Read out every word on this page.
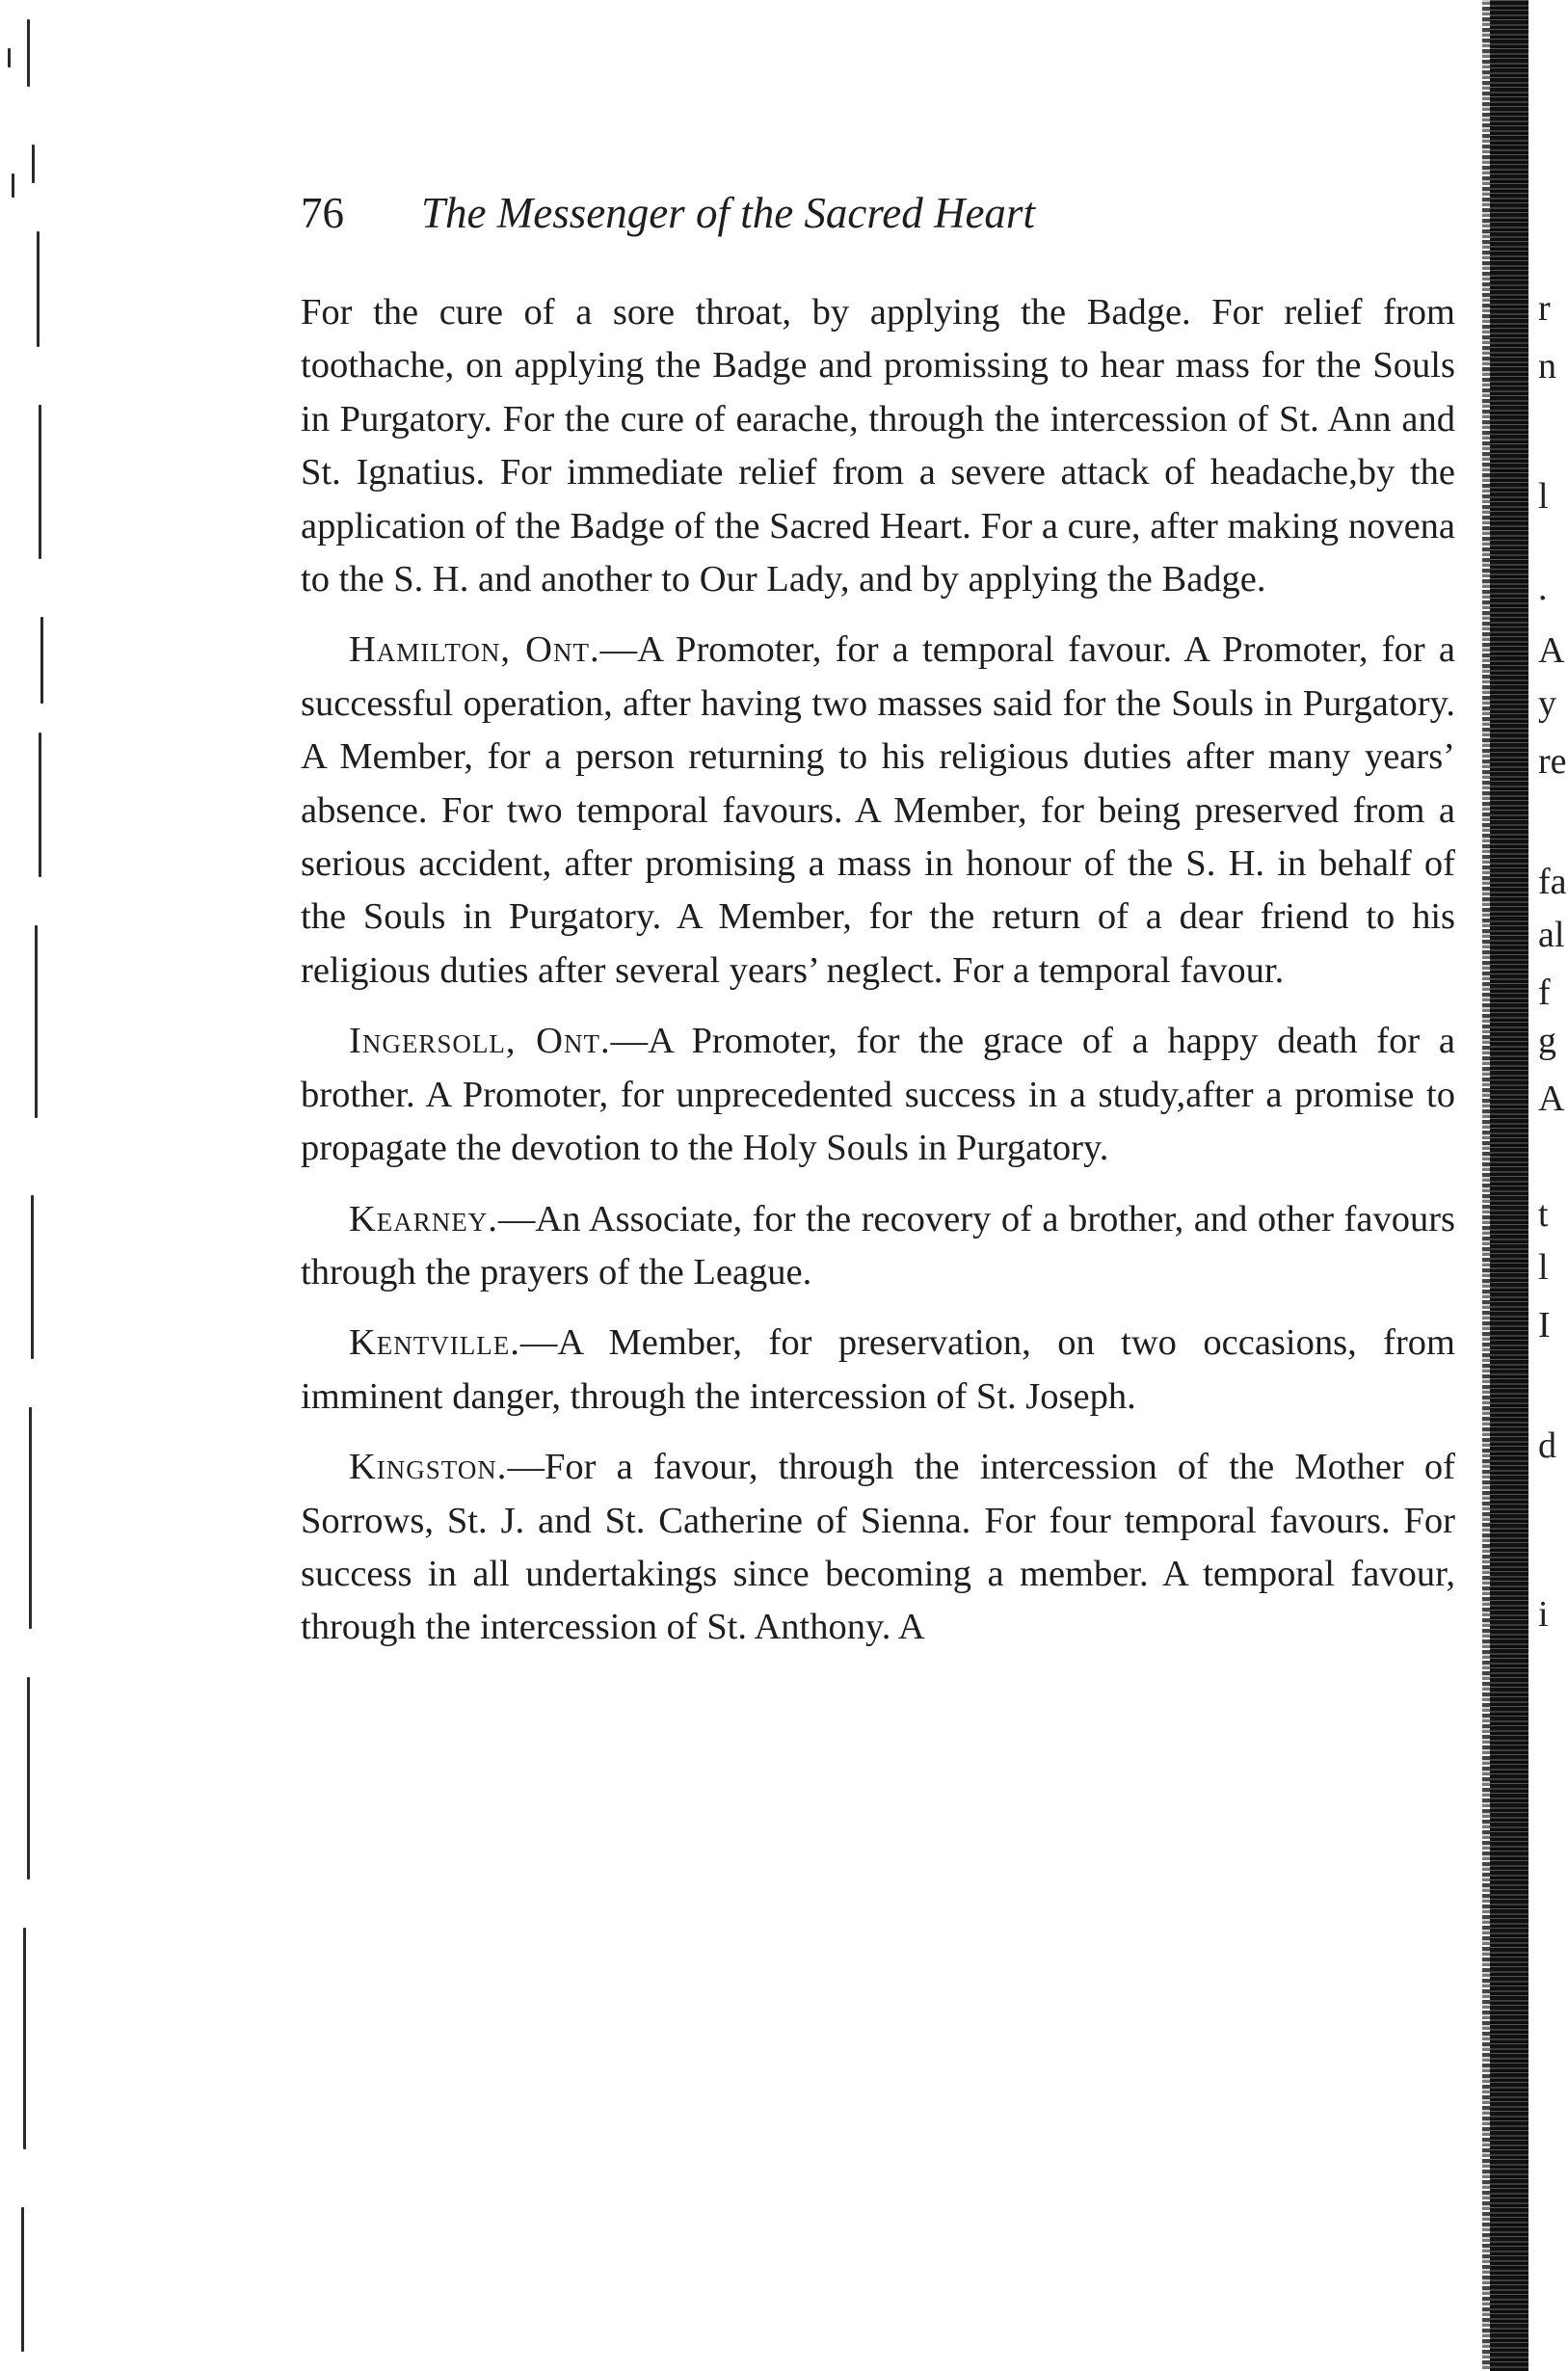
r
n
l
.
A
y
re
fa
al
f
g
A
t
l
I
d
i
76	The Messenger of the Sacred Heart

For the cure of a sore throat, by applying the Badge. For relief from toothache, on applying the Badge and promissing to hear mass for the Souls in Purgatory. For the cure of earache, through the intercession of St. Ann and St. Ignatius. For immediate relief from a severe attack of headache,by the application of the Badge of the Sacred Heart. For a cure, after making novena to the S. H. and another to Our Lady, and by applying the Badge.

Hamilton, Ont.—A Promoter, for a temporal favour. A Promoter, for a successful operation, after having two masses said for the Souls in Purgatory. A Member, for a person returning to his religious duties after many years’ absence. For two temporal favours. A Member, for being preserved from a serious accident, after promising a mass in honour of the S. H. in behalf of the Souls in Purgatory. A Member, for the return of a dear friend to his religious duties after several years’ neglect. For a temporal favour.

Ingersoll, Ont.—A Promoter, for the grace of a happy death for a brother. A Promoter, for unprecedented success in a study,after a promise to propagate the devotion to the Holy Souls in Purgatory.

Kearney.—An Associate, for the recovery of a brother, and other favours through the prayers of the League.

Kentville.—A Member, for preservation, on two occasions, from imminent danger, through the intercession of St. Joseph.

Kingston.—For a favour, through the intercession of the Mother of Sorrows, St. J. and St. Catherine of Sienna. For four temporal favours. For success in all undertakings since becoming a member. A temporal favour, through the intercession of St. Anthony. A
